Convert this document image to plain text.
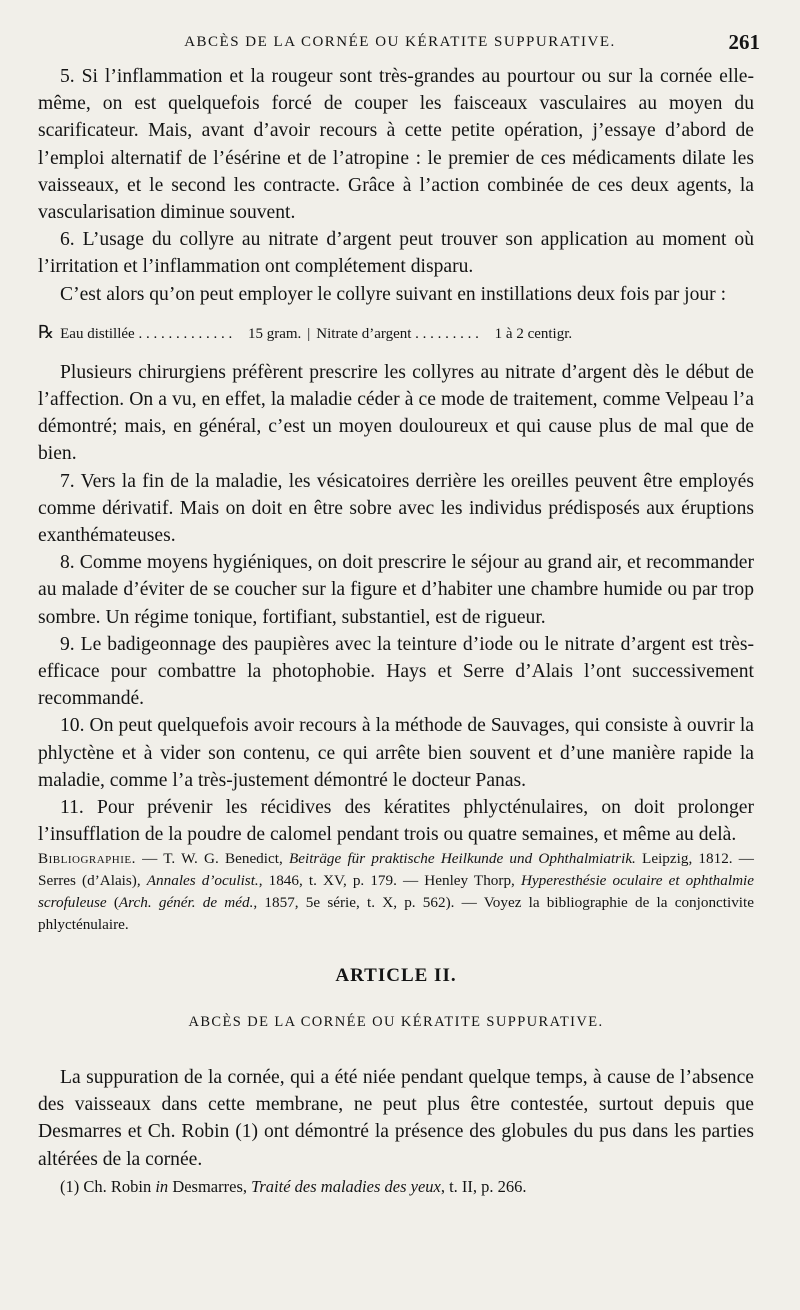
ABCÈS DE LA CORNÉE OU KÉRATITE SUPPURATIVE.	261

5. Si l’inflammation et la rougeur sont très-grandes au pourtour ou sur la cornée elle-même, on est quelquefois forcé de couper les faisceaux vasculaires au moyen du scarificateur. Mais, avant d’avoir recours à cette petite opération, j’essaye d’abord de l’emploi alternatif de l’ésérine et de l’atropine : le premier de ces médicaments dilate les vaisseaux, et le second les contracte. Grâce à l’action combinée de ces deux agents, la vascularisation diminue souvent.

6. L’usage du collyre au nitrate d’argent peut trouver son application au moment où l’irritation et l’inflammation ont complétement disparu.

C’est alors qu’on peut employer le collyre suivant en instillations deux fois par jour :

℞ Eau distillée . . . . . . . . . . . . . 15 gram. | Nitrate d’argent . . . . . . . . . 1 à 2 centigr.

Plusieurs chirurgiens préfèrent prescrire les collyres au nitrate d’argent dès le début de l’affection. On a vu, en effet, la maladie céder à ce mode de traitement, comme Velpeau l’a démontré; mais, en général, c’est un moyen douloureux et qui cause plus de mal que de bien.

7. Vers la fin de la maladie, les vésicatoires derrière les oreilles peuvent être employés comme dérivatif. Mais on doit en être sobre avec les individus prédisposés aux éruptions exanthémateuses.

8. Comme moyens hygiéniques, on doit prescrire le séjour au grand air, et recommander au malade d’éviter de se coucher sur la figure et d’habiter une chambre humide ou par trop sombre. Un régime tonique, fortifiant, substantiel, est de rigueur.

9. Le badigeonnage des paupières avec la teinture d’iode ou le nitrate d’argent est très-efficace pour combattre la photophobie. Hays et Serre d’Alais l’ont successivement recommandé.

10. On peut quelquefois avoir recours à la méthode de Sauvages, qui consiste à ouvrir la phlyctène et à vider son contenu, ce qui arrête bien souvent et d’une manière rapide la maladie, comme l’a très-justement démontré le docteur Panas.

11. Pour prévenir les récidives des kératites phlycténulaires, on doit prolonger l’insufflation de la poudre de calomel pendant trois ou quatre semaines, et même au delà.

Bibliographie. — T. W. G. Benedict, Beiträge für praktische Heilkunde und Ophthalmiatrik. Leipzig, 1812. — Serres (d’Alais), Annales d’oculist., 1846, t. XV, p. 179. — Henley Thorp, Hyperesthésie oculaire et ophthalmie scrofuleuse (Arch. génér. de méd., 1857, 5e série, t. X, p. 562). — Voyez la bibliographie de la conjonctivite phlycténulaire.

ARTICLE II.
ABCÈS DE LA CORNÉE OU KÉRATITE SUPPURATIVE.

La suppuration de la cornée, qui a été niée pendant quelque temps, à cause de l’absence des vaisseaux dans cette membrane, ne peut plus être contestée, surtout depuis que Desmarres et Ch. Robin (1) ont démontré la présence des globules du pus dans les parties altérées de la cornée.

(1) Ch. Robin in Desmarres, Traité des maladies des yeux, t. II, p. 266.
